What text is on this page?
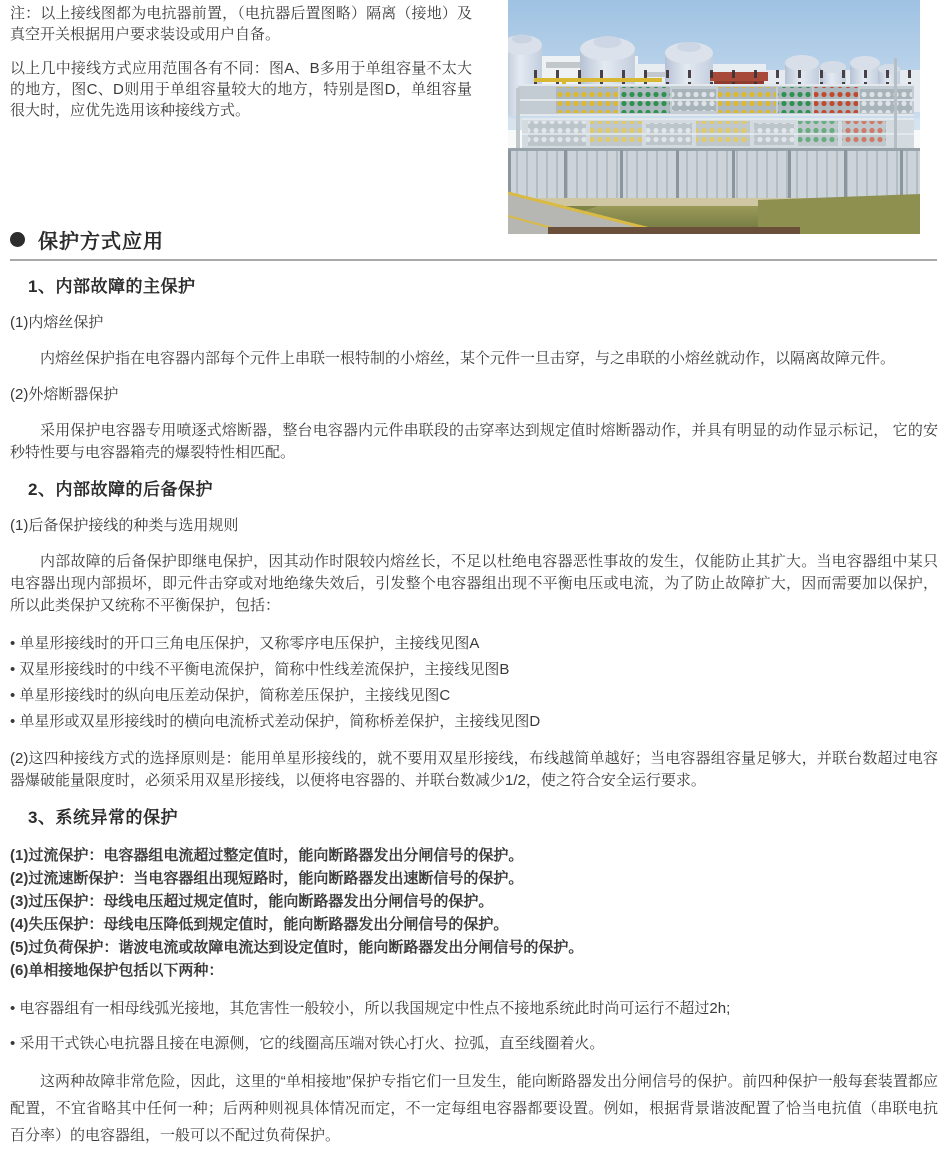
注：以上接线图都为电抗器前置，（电抗器后置图略）隔离（接地）及真空开关根据用户要求装设或用户自备。

以上几中接线方式应用范围各有不同：图A、B多用于单组容量不太大的地方，图C、D则用于单组容量较大的地方，特别是图D，单组容量很大时，应优先选用该种接线方式。

保护方式应用
1、内部故障的主保护
(1)内熔丝保护
内熔丝保护指在电容器内部每个元件上串联一根特制的小熔丝，某个元件一旦击穿，与之串联的小熔丝就动作，以隔离故障元件。
(2)外熔断器保护
采用保护电容器专用喷逐式熔断器，整台电容器内元件串联段的击穿率达到规定值时熔断器动作，并具有明显的动作显示标记， 它的安秒特性要与电容器箱壳的爆裂特性相匹配。
2、内部故障的后备保护
(1)后备保护接线的种类与选用规则
内部故障的后备保护即继电保护，因其动作时限较内熔丝长，不足以杜绝电容器恶性事故的发生，仅能防止其扩大。当电容器组中某只电容器出现内部损坏，即元件击穿或对地绝缘失效后，引发整个电容器组出现不平衡电压或电流，为了防止故障扩大，因而需要加以保护，所以此类保护又统称不平衡保护，包括：
• 单星形接线时的开口三角电压保护，又称零序电压保护，主接线见图A
• 双星形接线时的中线不平衡电流保护，简称中性线差流保护，主接线见图B
• 单星形接线时的纵向电压差动保护，简称差压保护，主接线见图C
• 单星形或双星形接线时的横向电流桥式差动保护，简称桥差保护，主接线见图D
(2)这四种接线方式的选择原则是：能用单星形接线的，就不要用双星形接线，布线越简单越好；当电容器组容量足够大，并联台数超过电容器爆破能量限度时，必须采用双星形接线，以便将电容器的、并联台数减少1/2，使之符合安全运行要求。
3、系统异常的保护
(1)过流保护：电容器组电流超过整定值时，能向断路器发出分闸信号的保护。
(2)过流速断保护：当电容器组出现短路时，能向断路器发出速断信号的保护。
(3)过压保护：母线电压超过规定值时，能向断路器发出分闸信号的保护。
(4)失压保护：母线电压降低到规定值时，能向断路器发出分闸信号的保护。
(5)过负荷保护：谐波电流或故障电流达到设定值时，能向断路器发出分闸信号的保护。
(6)单相接地保护包括以下两种：
• 电容器组有一相母线弧光接地，其危害性一般较小，所以我国规定中性点不接地系统此时尚可运行不超过2h;
• 采用干式铁心电抗器且接在电源侧，它的线圈高压端对铁心打火、拉弧，直至线圈着火。
这两种故障非常危险，因此，这里的“单相接地”保护专指它们一旦发生，能向断路器发出分闸信号的保护。前四种保护一般每套装置都应配置，不宜省略其中任何一种；后两种则视具体情况而定，不一定每组电容器都要设置。例如，根据背景谐波配置了恰当电抗值（串联电抗百分率）的电容器组，一般可以不配过负荷保护。
